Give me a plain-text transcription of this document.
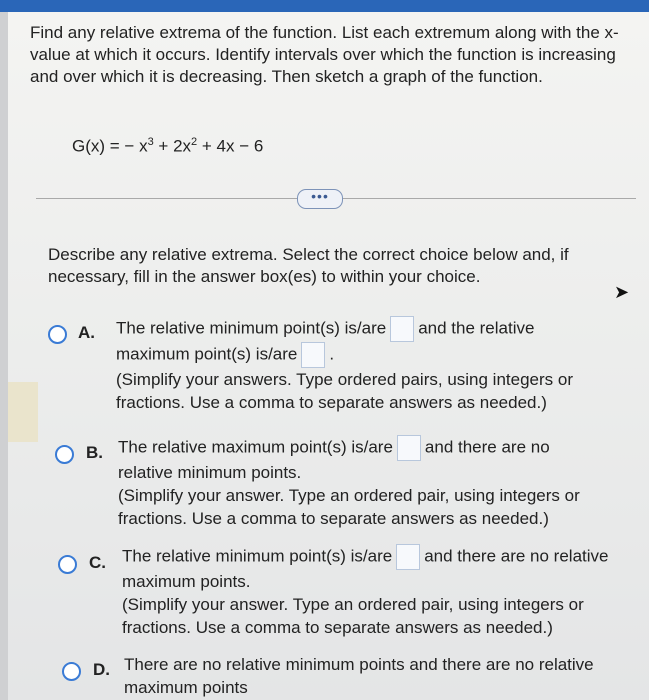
Find any relative extrema of the function. List each extremum along with the x-value at which it occurs. Identify intervals over which the function is increasing and over which it is decreasing. Then sketch a graph of the function.
G(x) = − $x^3 + 2x^2 + 4x - 6$
•••
Describe any relative extrema. Select the correct choice below and, if necessary, fill in the answer box(es) to within your choice.
A. The relative minimum point(s) is/are and the relative
maximum point(s) is/are .
(Simplify your answers. Type ordered pairs, using integers or
fractions. Use a comma to separate answers as needed.)
B. The relative maximum point(s) is/are and there are no
relative minimum points.
(Simplify your answer. Type an ordered pair, using integers or
fractions. Use a comma to separate answers as needed.)
C. The relative minimum point(s) is/are and there are no relative
maximum points.
(Simplify your answer. Type an ordered pair, using integers or
fractions. Use a comma to separate answers as needed.)
D. There are no relative minimum points and there are no relative
maximum points
➤
